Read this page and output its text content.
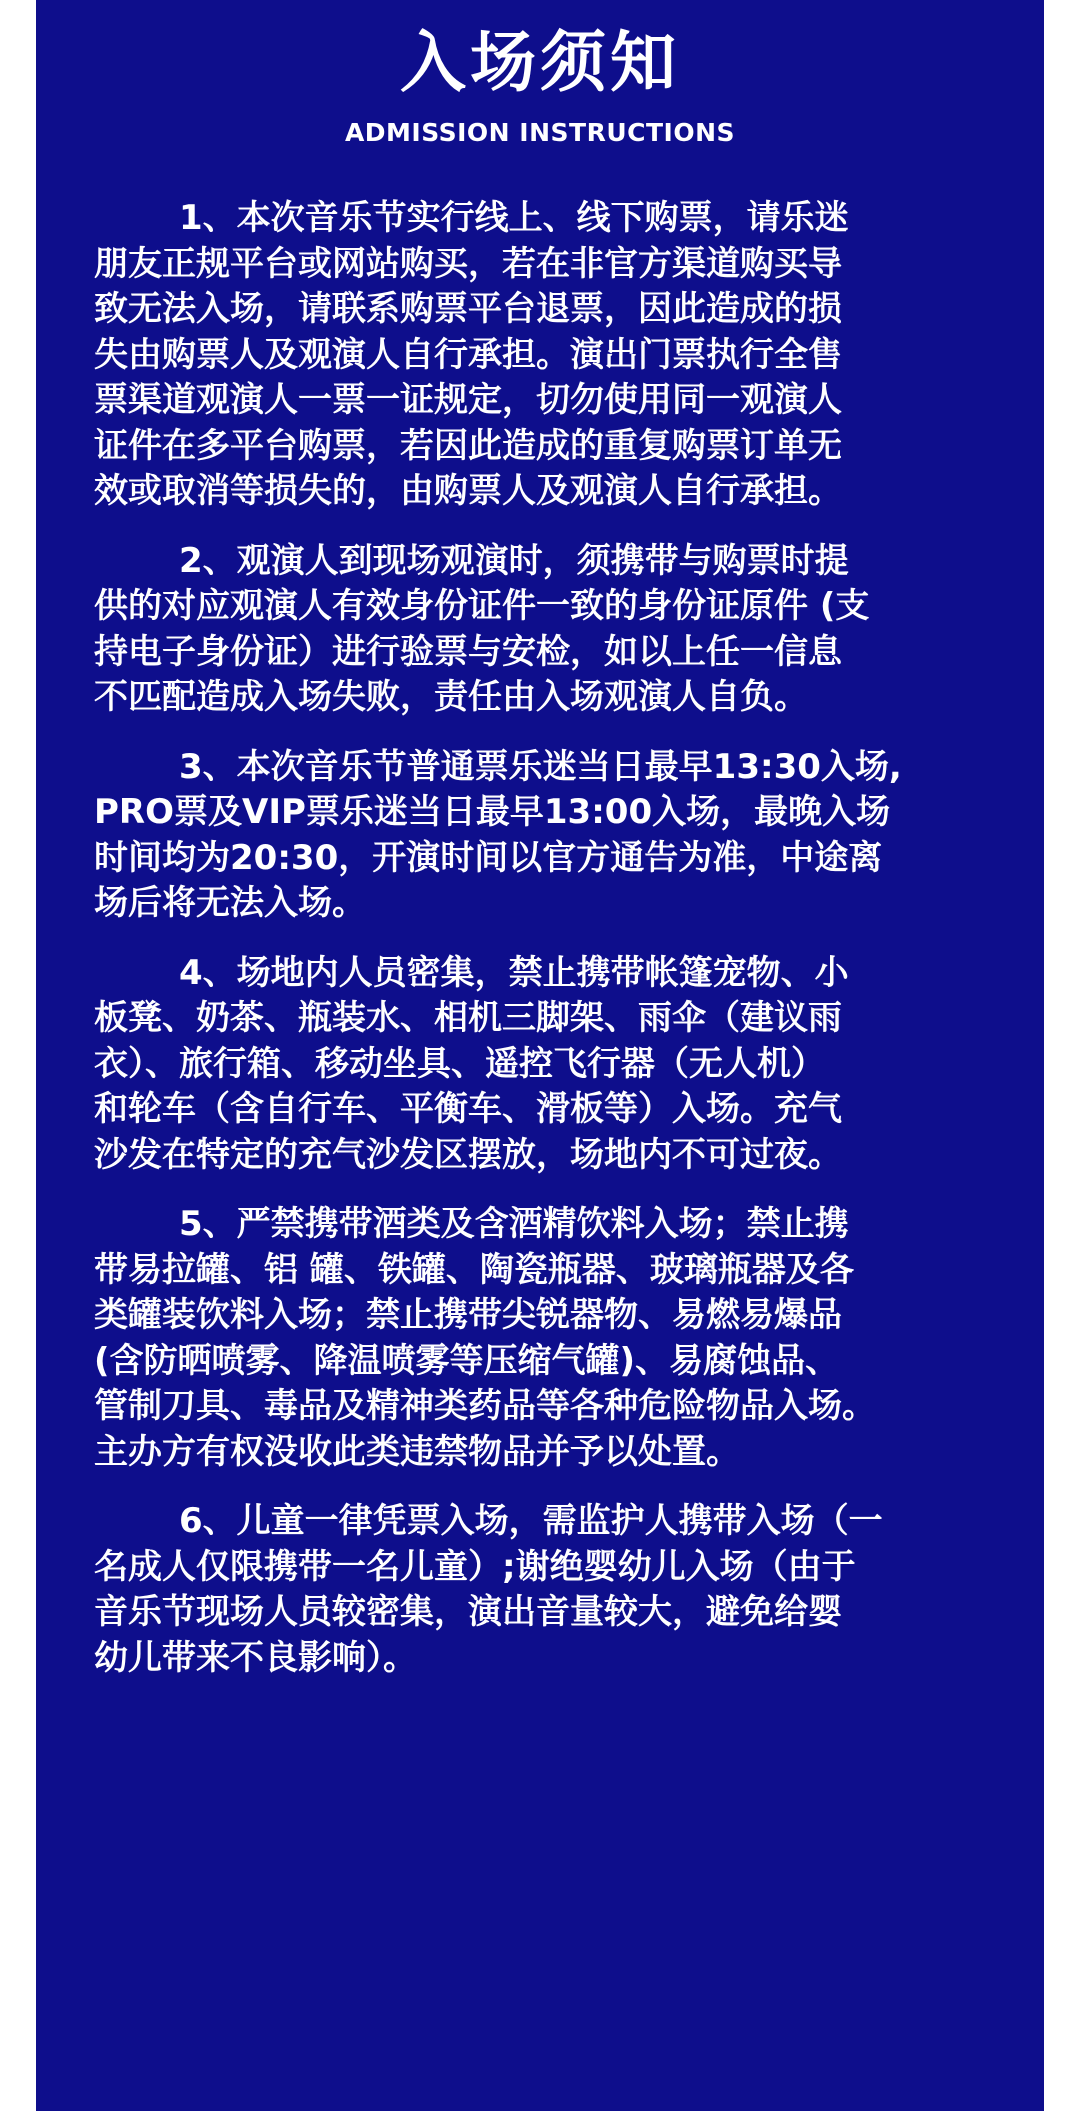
入场须知
ADMISSION INSTRUCTIONS
1、本次音乐节实行线上、线下购票，请乐迷
朋友正规平台或网站购买，若在非官方渠道购买导
致无法入场，请联系购票平台退票，因此造成的损
失由购票人及观演人自行承担。演出门票执行全售
票渠道观演人一票一证规定，切勿使用同一观演人
证件在多平台购票，若因此造成的重复购票订单无
效或取消等损失的，由购票人及观演人自行承担。
2、观演人到现场观演时，须携带与购票时提
供的对应观演人有效身份证件一致的身份证原件 (支
持电子身份证）进行验票与安检，如以上任一信息
不匹配造成入场失败，责任由入场观演人自负。
3、本次音乐节普通票乐迷当日最早13:30入场,
PRO票及VIP票乐迷当日最早13:00入场，最晚入场
时间均为20:30，开演时间以官方通告为准，中途离
场后将无法入场。
4、场地内人员密集，禁止携带帐篷宠物、小
板凳、奶茶、瓶装水、相机三脚架、雨伞（建议雨
衣）、旅行箱、移动坐具、遥控飞行器（无人机）
和轮车（含自行车、平衡车、滑板等）入场。充气
沙发在特定的充气沙发区摆放，场地内不可过夜。
5、严禁携带酒类及含酒精饮料入场；禁止携
带易拉罐、铝 罐、铁罐、陶瓷瓶器、玻璃瓶器及各
类罐装饮料入场；禁止携带尖锐器物、易燃易爆品
(含防晒喷雾、降温喷雾等压缩气罐)、易腐蚀品、
管制刀具、毒品及精神类药品等各种危险物品入场。
主办方有权没收此类违禁物品并予以处置。
6、儿童一律凭票入场，需监护人携带入场（一
名成人仅限携带一名儿童）;谢绝婴幼儿入场（由于
音乐节现场人员较密集，演出音量较大，避免给婴
幼儿带来不良影响）。
